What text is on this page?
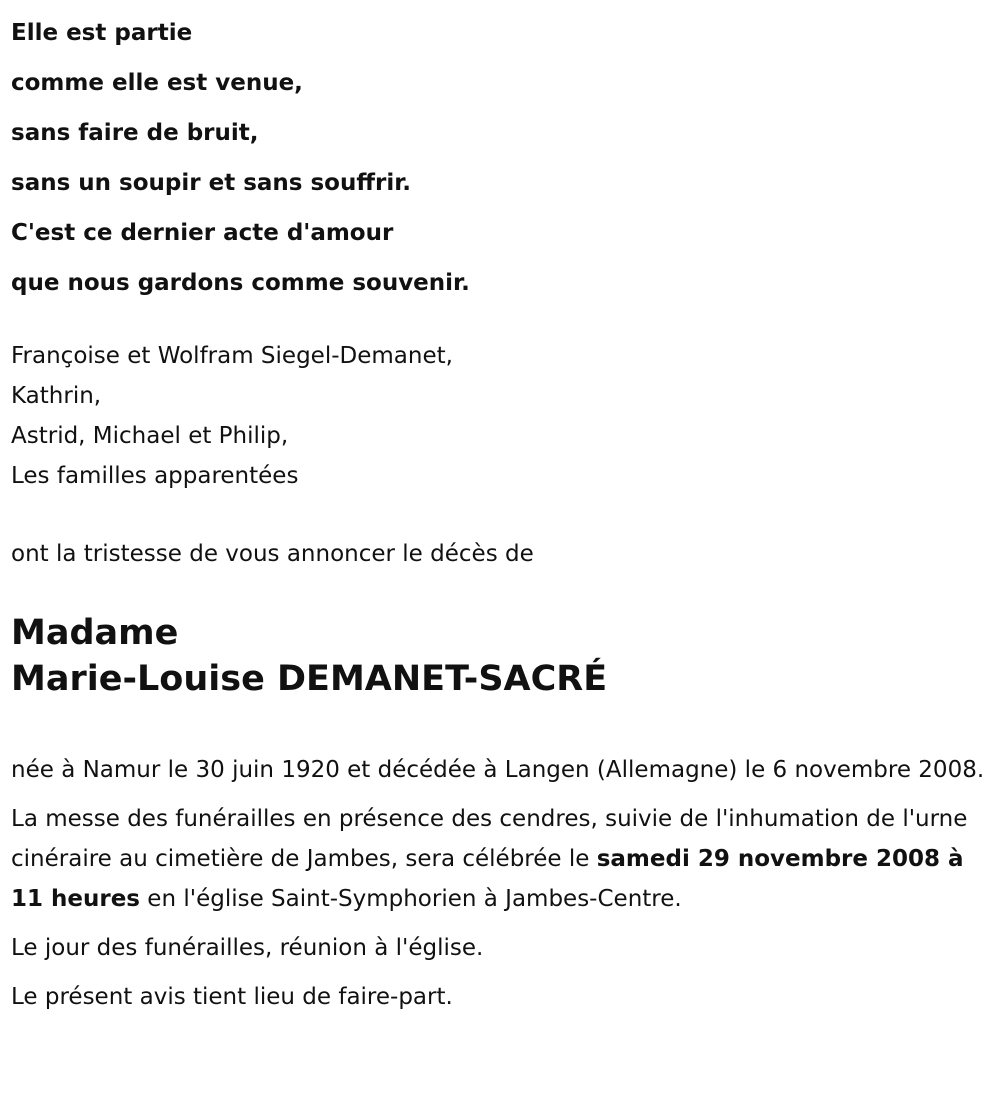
Elle est partie
comme elle est venue,
sans faire de bruit,
sans un soupir et sans souffrir.
C'est ce dernier acte d'amour
que nous gardons comme souvenir.
Françoise et Wolfram Siegel-Demanet,
Kathrin,
Astrid, Michael et Philip,
Les familles apparentées
ont la tristesse de vous annoncer le décès de
Madame
Marie-Louise DEMANET-SACRÉ

née à Namur le 30 juin 1920 et décédée à Langen (Allemagne) le 6 novembre 2008.

La messe des funérailles en présence des cendres, suivie de l'inhumation de l'urne cinéraire au cimetière de Jambes, sera célébrée le samedi 29 novembre 2008 à 11 heures en l'église Saint-Symphorien à Jambes-Centre.

Le jour des funérailles, réunion à l'église.

Le présent avis tient lieu de faire-part.
